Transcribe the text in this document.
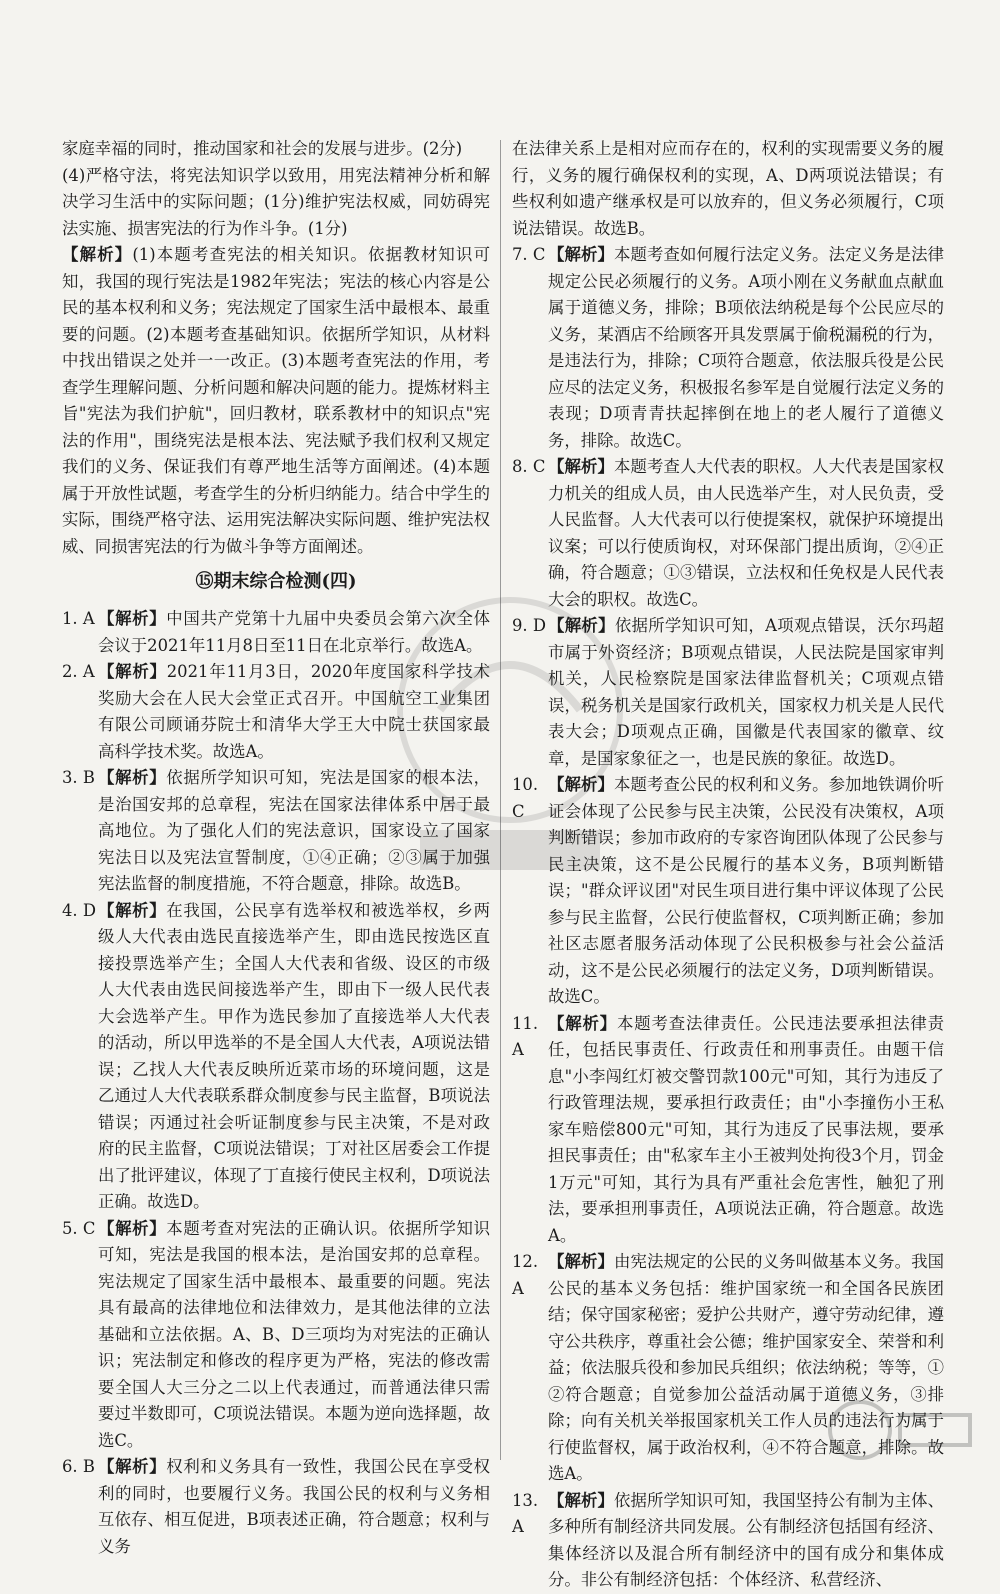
家庭幸福的同时，推动国家和社会的发展与进步。(2分)

(4)严格守法，将宪法知识学以致用，用宪法精神分析和解决学习生活中的实际问题；(1分)维护宪法权威，同妨碍宪法实施、损害宪法的行为作斗争。(1分)

【解析】(1)本题考查宪法的相关知识。依据教材知识可知，我国的现行宪法是1982年宪法；宪法的核心内容是公民的基本权利和义务；宪法规定了国家生活中最根本、最重要的问题。(2)本题考查基础知识。依据所学知识，从材料中找出错误之处并一一改正。(3)本题考查宪法的作用，考查学生理解问题、分析问题和解决问题的能力。提炼材料主旨"宪法为我们护航"，回归教材，联系教材中的知识点"宪法的作用"，围绕宪法是根本法、宪法赋予我们权利又规定我们的义务、保证我们有尊严地生活等方面阐述。(4)本题属于开放性试题，考查学生的分析归纳能力。结合中学生的实际，围绕严格守法、运用宪法解决实际问题、维护宪法权威、同损害宪法的行为做斗争等方面阐述。

⑮期末综合检测(四)
1. A 【解析】中国共产党第十九届中央委员会第六次全体会议于2021年11月8日至11日在北京举行。故选A。
2. A 【解析】2021年11月3日，2020年度国家科学技术奖励大会在人民大会堂正式召开。中国航空工业集团有限公司顾诵芬院士和清华大学王大中院士获国家最高科学技术奖。故选A。
3. B 【解析】依据所学知识可知，宪法是国家的根本法，是治国安邦的总章程，宪法在国家法律体系中居于最高地位。为了强化人们的宪法意识，国家设立了国家宪法日以及宪法宣誓制度，①④正确；②③属于加强宪法监督的制度措施，不符合题意，排除。故选B。
4. D 【解析】在我国，公民享有选举权和被选举权，乡两级人大代表由选民直接选举产生，即由选民按选区直接投票选举产生；全国人大代表和省级、设区的市级人大代表由选民间接选举产生，即由下一级人民代表大会选举产生。甲作为选民参加了直接选举人大代表的活动，所以甲选举的不是全国人大代表，A项说法错误；乙找人大代表反映所近菜市场的环境问题，这是乙通过人大代表联系群众制度参与民主监督，B项说法错误；丙通过社会听证制度参与民主决策，不是对政府的民主监督，C项说法错误；丁对社区居委会工作提出了批评建议，体现了丁直接行使民主权利，D项说法正确。故选D。
5. C 【解析】本题考查对宪法的正确认识。依据所学知识可知，宪法是我国的根本法，是治国安邦的总章程。宪法规定了国家生活中最根本、最重要的问题。宪法具有最高的法律地位和法律效力，是其他法律的立法基础和立法依据。A、B、D三项均为对宪法的正确认识；宪法制定和修改的程序更为严格，宪法的修改需要全国人大三分之二以上代表通过，而普通法律只需要过半数即可，C项说法错误。本题为逆向选择题，故选C。
6. B 【解析】权利和义务具有一致性，我国公民在享受权利的同时，也要履行义务。我国公民的权利与义务相互依存、相互促进，B项表述正确，符合题意；权利与义务

在法律关系上是相对应而存在的，权利的实现需要义务的履行，义务的履行确保权利的实现，A、D两项说法错误；有些权利如遗产继承权是可以放弃的，但义务必须履行，C项说法错误。故选B。

7. C 【解析】本题考查如何履行法定义务。法定义务是法律规定公民必须履行的义务。A项小刚在义务献血点献血属于道德义务，排除；B项依法纳税是每个公民应尽的义务，某酒店不给顾客开具发票属于偷税漏税的行为，是违法行为，排除；C项符合题意，依法服兵役是公民应尽的法定义务，积极报名参军是自觉履行法定义务的表现；D项青青扶起摔倒在地上的老人履行了道德义务，排除。故选C。
8. C 【解析】本题考查人大代表的职权。人大代表是国家权力机关的组成人员，由人民选举产生，对人民负责，受人民监督。人大代表可以行使提案权，就保护环境提出议案；可以行使质询权，对环保部门提出质询，②④正确，符合题意；①③错误，立法权和任免权是人民代表大会的职权。故选C。
9. D 【解析】依据所学知识可知，A项观点错误，沃尔玛超市属于外资经济；B项观点错误，人民法院是国家审判机关，人民检察院是国家法律监督机关；C项观点错误，税务机关是国家行政机关，国家权力机关是人民代表大会；D项观点正确，国徽是代表国家的徽章、纹章，是国家象征之一，也是民族的象征。故选D。
10. C
【解析】本题考查公民的权利和义务。参加地铁调价听证会体现了公民参与民主决策，公民没有决策权，A项判断错误；参加市政府的专家咨询团队体现了公民参与民主决策，这不是公民履行的基本义务，B项判断错误；"群众评议团"对民生项目进行集中评议体现了公民参与民主监督，公民行使监督权，C项判断正确；参加社区志愿者服务活动体现了公民积极参与社会公益活动，这不是公民必须履行的法定义务，D项判断错误。故选C。
11. A
【解析】本题考查法律责任。公民违法要承担法律责任，包括民事责任、行政责任和刑事责任。由题干信息"小李闯红灯被交警罚款100元"可知，其行为违反了行政管理法规，要承担行政责任；由"小李撞伤小王私家车赔偿800元"可知，其行为违反了民事法规，要承担民事责任；由"私家车主小王被判处拘役3个月，罚金1万元"可知，其行为具有严重社会危害性，触犯了刑法，要承担刑事责任，A项说法正确，符合题意。故选A。
12. A
【解析】由宪法规定的公民的义务叫做基本义务。我国公民的基本义务包括：维护国家统一和全国各民族团结；保守国家秘密；爱护公共财产，遵守劳动纪律，遵守公共秩序，尊重社会公德；维护国家安全、荣誉和利益；依法服兵役和参加民兵组织；依法纳税；等等，①②符合题意；自觉参加公益活动属于道德义务，③排除；向有关机关举报国家机关工作人员的违法行为属于行使监督权，属于政治权利，④不符合题意，排除。故选A。
13. A
【解析】依据所学知识可知，我国坚持公有制为主体、多种所有制经济共同发展。公有制经济包括国有经济、集体经济以及混合所有制经济中的国有成分和集体成分。非公有制经济包括：个体经济、私营经济、
